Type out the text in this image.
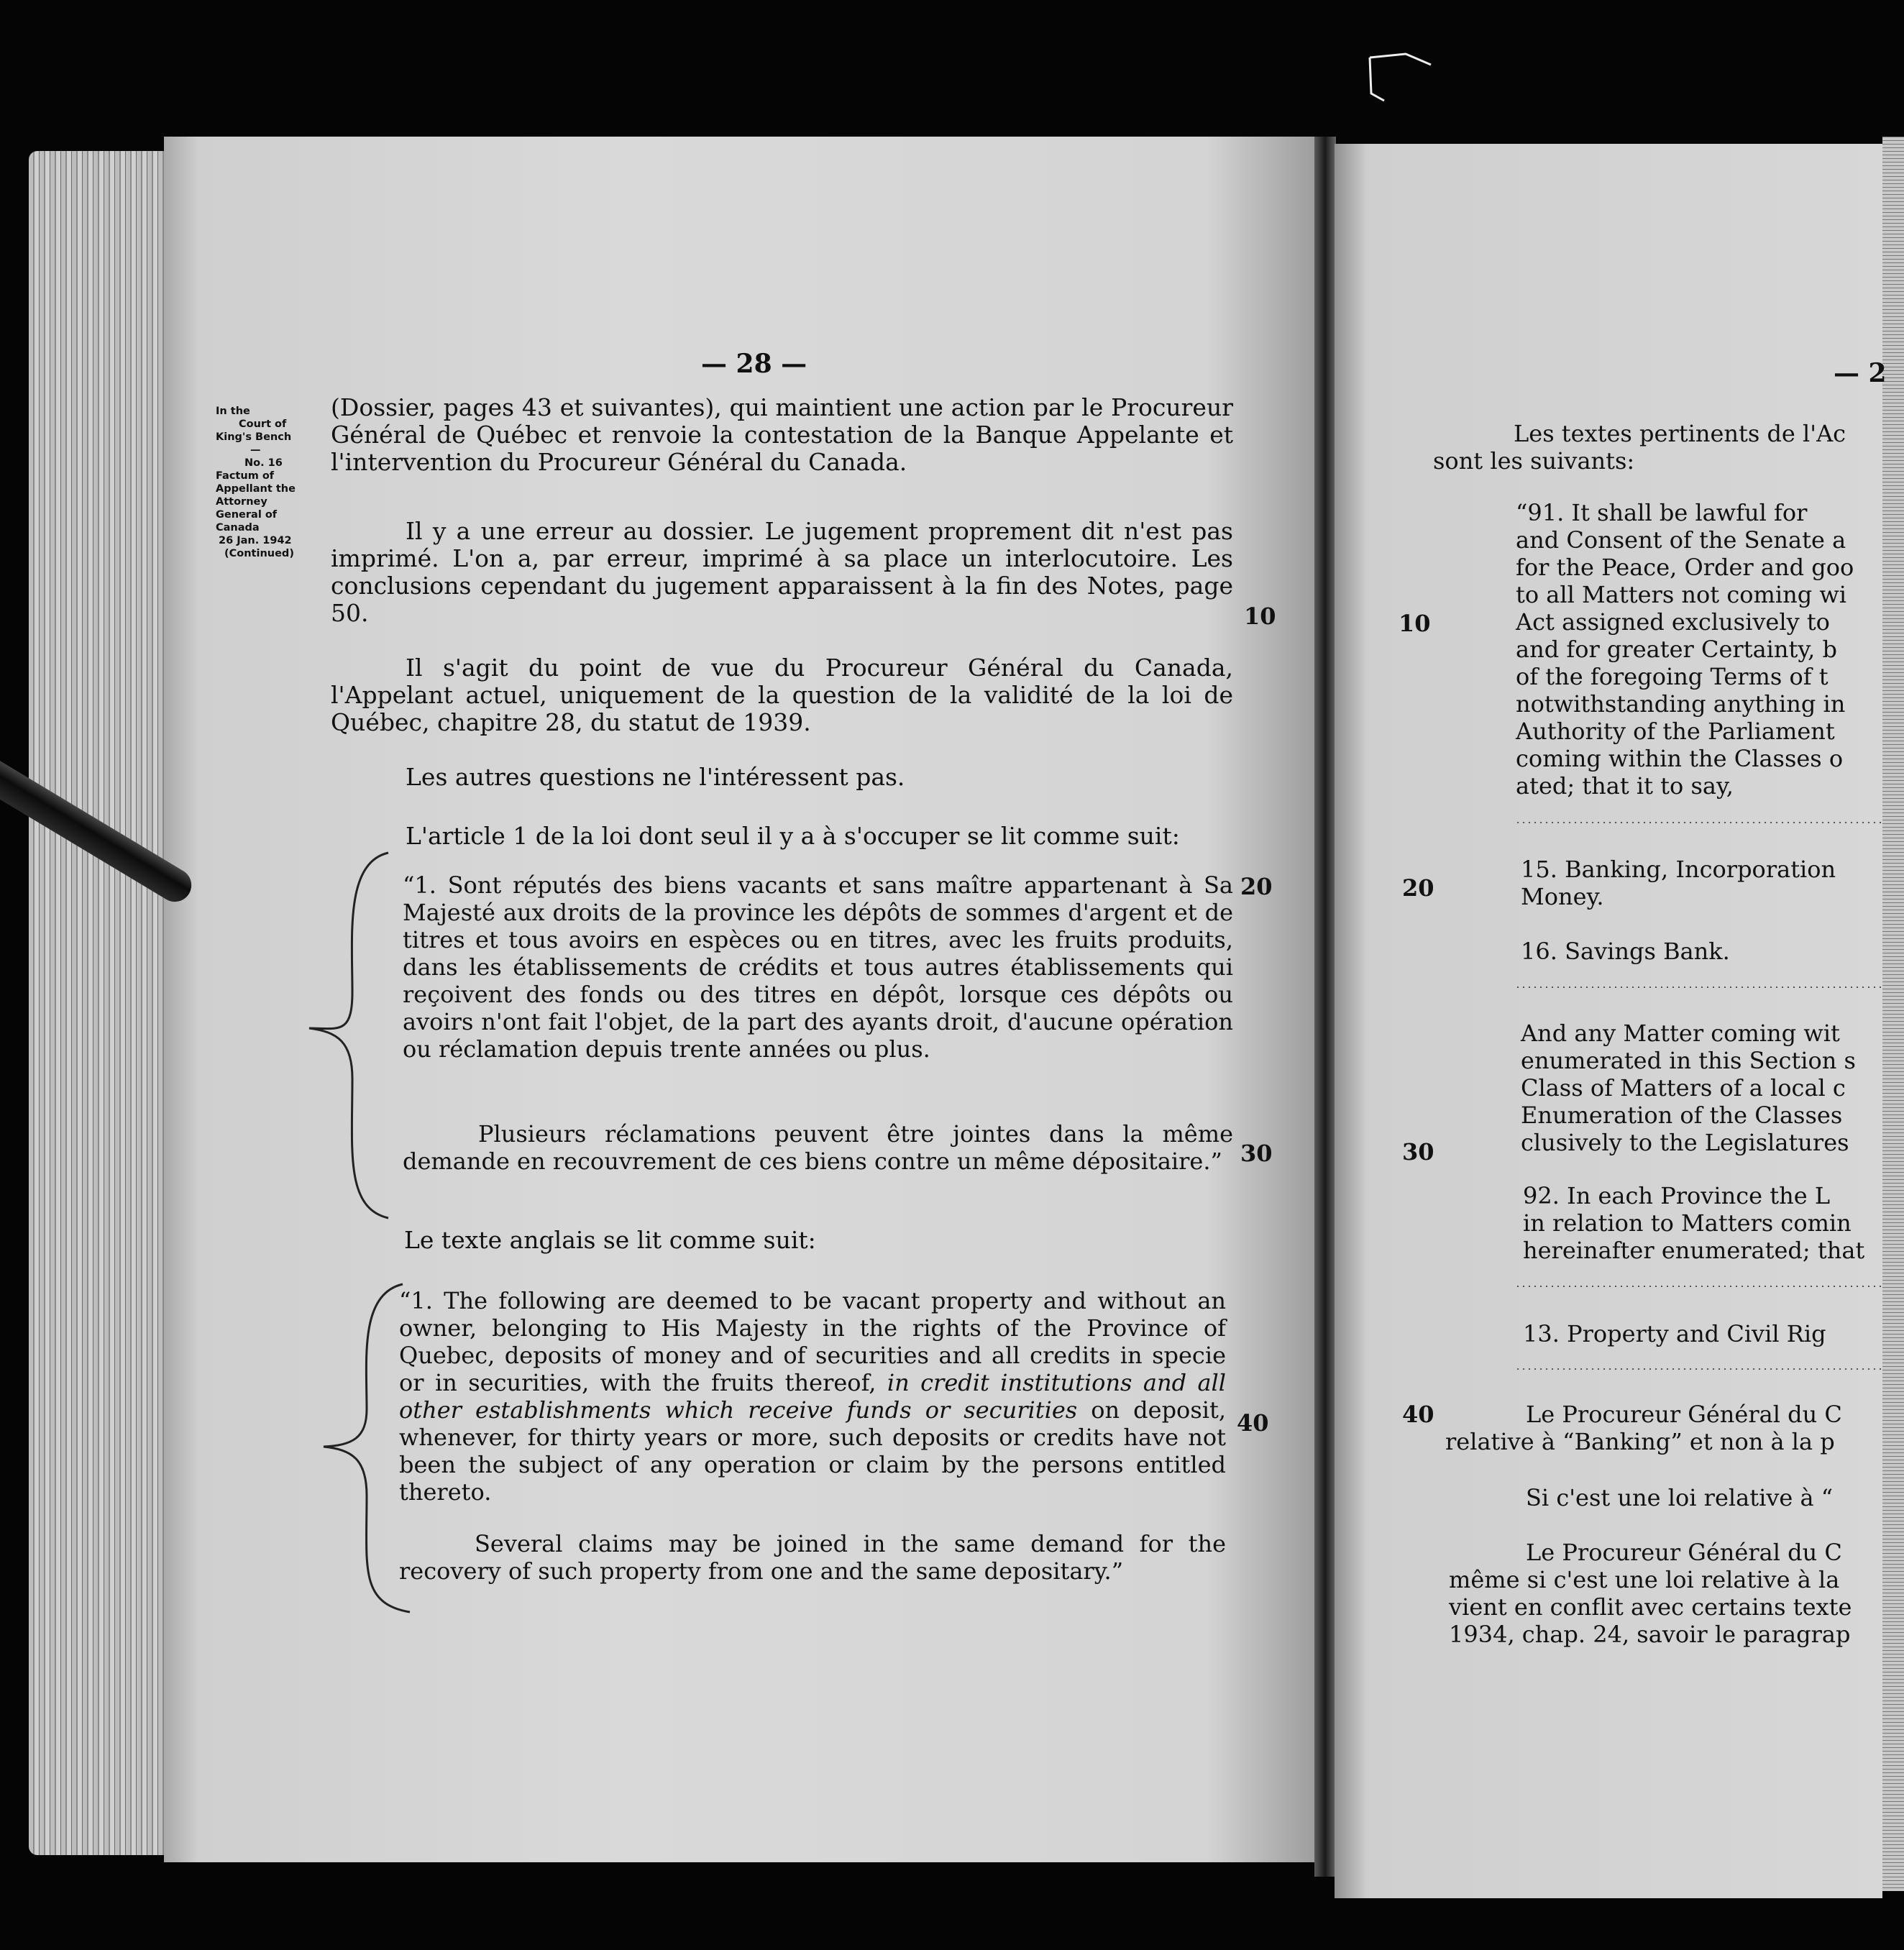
— 28 —
In the
Court of
King's Bench
—
No. 16
Factum of
Appellant the
Attorney
General of
Canada
26 Jan. 1942
(Continued)

(Dossier, pages 43 et suivantes), qui maintient une action par le Procureur Général de Québec et renvoie la contestation de la Banque Appelante et l'intervention du Procureur Général du Canada.

Il y a une erreur au dossier. Le jugement proprement dit n'est pas imprimé. L'on a, par erreur, imprimé à sa place un interlocutoire. Les conclusions cependant du jugement apparaissent à la fin des Notes, page 50.

Il s'agit du point de vue du Procureur Général du Canada, l'Appelant actuel, uniquement de la question de la validité de la loi de Québec, chapitre 28, du statut de 1939.

Les autres questions ne l'intéressent pas.

L'article 1 de la loi dont seul il y a à s'occuper se lit comme suit:

“1. Sont réputés des biens vacants et sans maître appartenant à Sa Majesté aux droits de la province les dépôts de sommes d'argent et de titres et tous avoirs en espèces ou en titres, avec les fruits produits, dans les établissements de crédits et tous autres établissements qui reçoivent des fonds ou des titres en dépôt, lorsque ces dépôts ou avoirs n'ont fait l'objet, de la part des ayants droit, d'aucune opération ou réclamation depuis trente années ou plus.

Plusieurs réclamations peuvent être jointes dans la même demande en recouvrement de ces biens contre un même dépositaire.”

Le texte anglais se lit comme suit:

“1. The following are deemed to be vacant property and without an owner, belonging to His Majesty in the rights of the Province of Quebec, deposits of money and of securities and all credits in specie or in securities, with the fruits thereof, in credit institutions and all other establishments which receive funds or securities on deposit, whenever, for thirty years or more, such deposits or credits have not been the subject of any operation or claim by the persons entitled thereto.

Several claims may be joined in the same demand for the recovery of such property from one and the same depositary.”

10
20
30
40
10
20
30
40
— 2
Les textes pertinents de l'Ac
sont les suivants:
“91. It shall be lawful for
and Consent of the Senate a
for the Peace, Order and goo
to all Matters not coming wi
Act assigned exclusively to
and for greater Certainty, b
of the foregoing Terms of t
notwithstanding anything in
Authority of the Parliament
coming within the Classes o
ated; that it to say,
15. Banking, Incorporation
Money.
16. Savings Bank.
And any Matter coming wit
enumerated in this Section s
Class of Matters of a local c
Enumeration of the Classes
clusively to the Legislatures
92. In each Province the L
in relation to Matters comin
hereinafter enumerated; that
13. Property and Civil Rig
Le Procureur Général du C
relative à “Banking” et non à la p
Si c'est une loi relative à “
Le Procureur Général du C
même si c'est une loi relative à la
vient en conflit avec certains texte
1934, chap. 24, savoir le paragrap
